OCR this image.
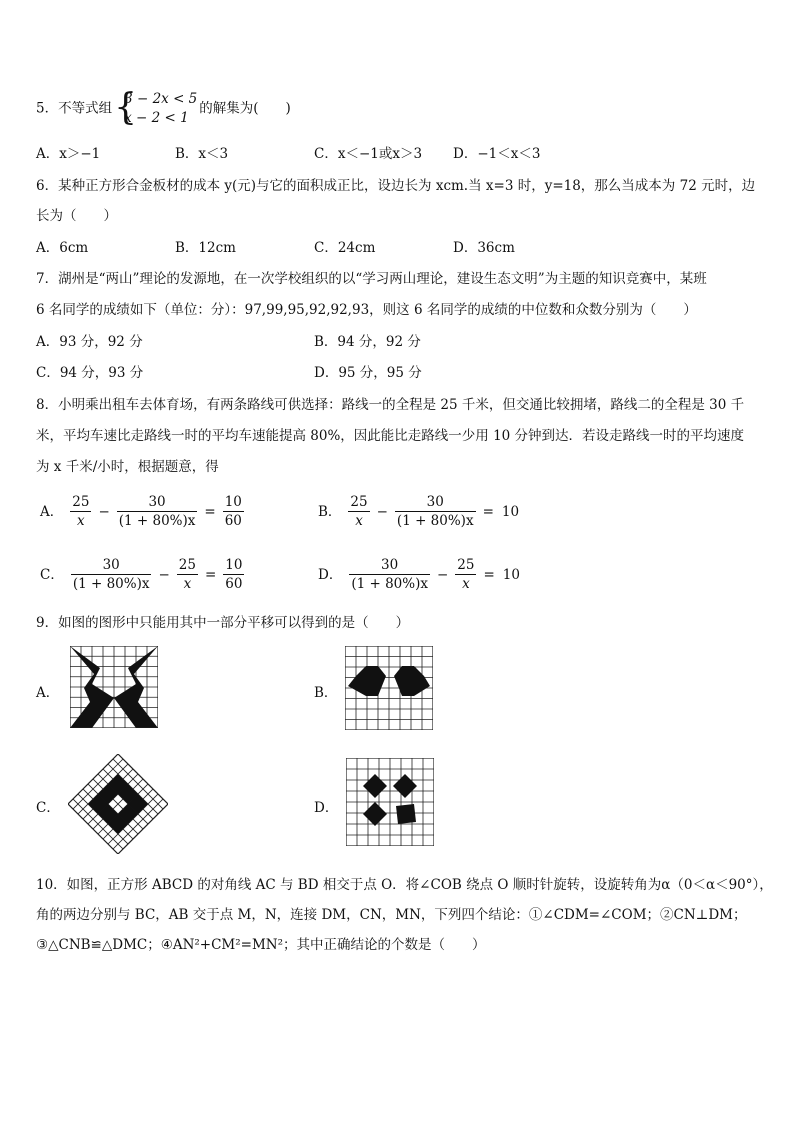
5．不等式组 {
3 − 2x < 5
x − 2 < 1
的解集为(　　)
A．x＞−1	B．x＜3	C．x＜−1或x＞3 D．−1＜x＜3
6．某种正方形合金板材的成本 y(元)与它的面积成正比，设边长为 xcm.当 x=3 时，y=18，那么当成本为 72 元时，边
长为（　　）
A．6cm	B．12cm	C．24cm	D．36cm
7．湖州是“两山”理论的发源地，在一次学校组织的以“学习两山理论，建设生态文明”为主题的知识竞赛中，某班
6 名同学的成绩如下（单位：分）：97,99,95,92,92,93，则这 6 名同学的成绩的中位数和众数分别为（　　）
A．93 分，92 分	B．94 分，92 分
C．94 分，93 分	D．95 分，95 分
8．小明乘出租车去体育场，有两条路线可供选择：路线一的全程是 25 千米，但交通比较拥堵，路线二的全程是 30 千
米，平均车速比走路线一时的平均车速能提高 80%，因此能比走路线一少用 10 分钟到达．若设走路线一时的平均速度
为 x 千米/小时，根据题意，得
A． $\frac{25}{x} - \frac{30}{(1 + 80\%)x} = \frac{10}{60}$	B． $\frac{25}{x} - \frac{30}{(1 + 80\%)x} = 10$
C． $\frac{30}{(1 + 80\%)x} - \frac{25}{x} = \frac{10}{60}$	D． $\frac{30}{(1 + 80\%)x} - \frac{25}{x} = 10$
9．如图的图形中只能用其中一部分平移可以得到的是（　　）
A．	B．
C．	D．
10．如图，正方形 ABCD 的对角线 AC 与 BD 相交于点 O．将∠COB 绕点 O 顺时针旋转，设旋转角为α（0＜α＜90°），
角的两边分别与 BC，AB 交于点 M，N，连接 DM，CN，MN，下列四个结论：①∠CDM=∠COM；②CN⊥DM；
③△CNB≌△DMC；④AN²+CM²=MN²；其中正确结论的个数是（　　）
